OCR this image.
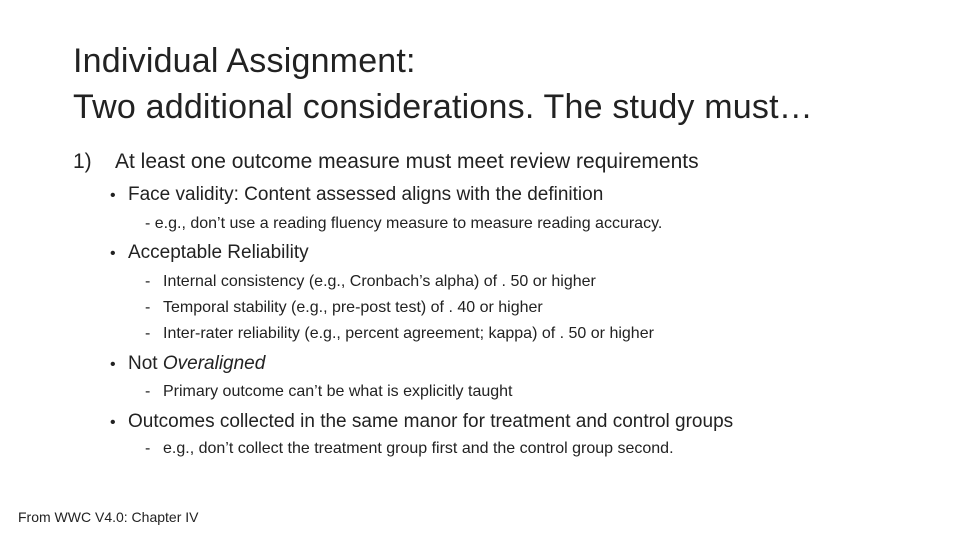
Individual Assignment:
Two additional considerations. The study must…
1) At least one outcome measure must meet review requirements
• Face validity: Content assessed aligns with the definition
- e.g., don’t use a reading fluency measure to measure reading accuracy.
• Acceptable Reliability
- Internal consistency (e.g., Cronbach’s alpha) of . 50 or higher
- Temporal stability (e.g., pre-post test) of . 40 or higher
- Inter-rater reliability (e.g., percent agreement; kappa) of . 50 or higher
• Not Overaligned
- Primary outcome can’t be what is explicitly taught
• Outcomes collected in the same manor for treatment and control groups
- e.g., don’t collect the treatment group first and the control group second.
From WWC V4.0: Chapter IV
